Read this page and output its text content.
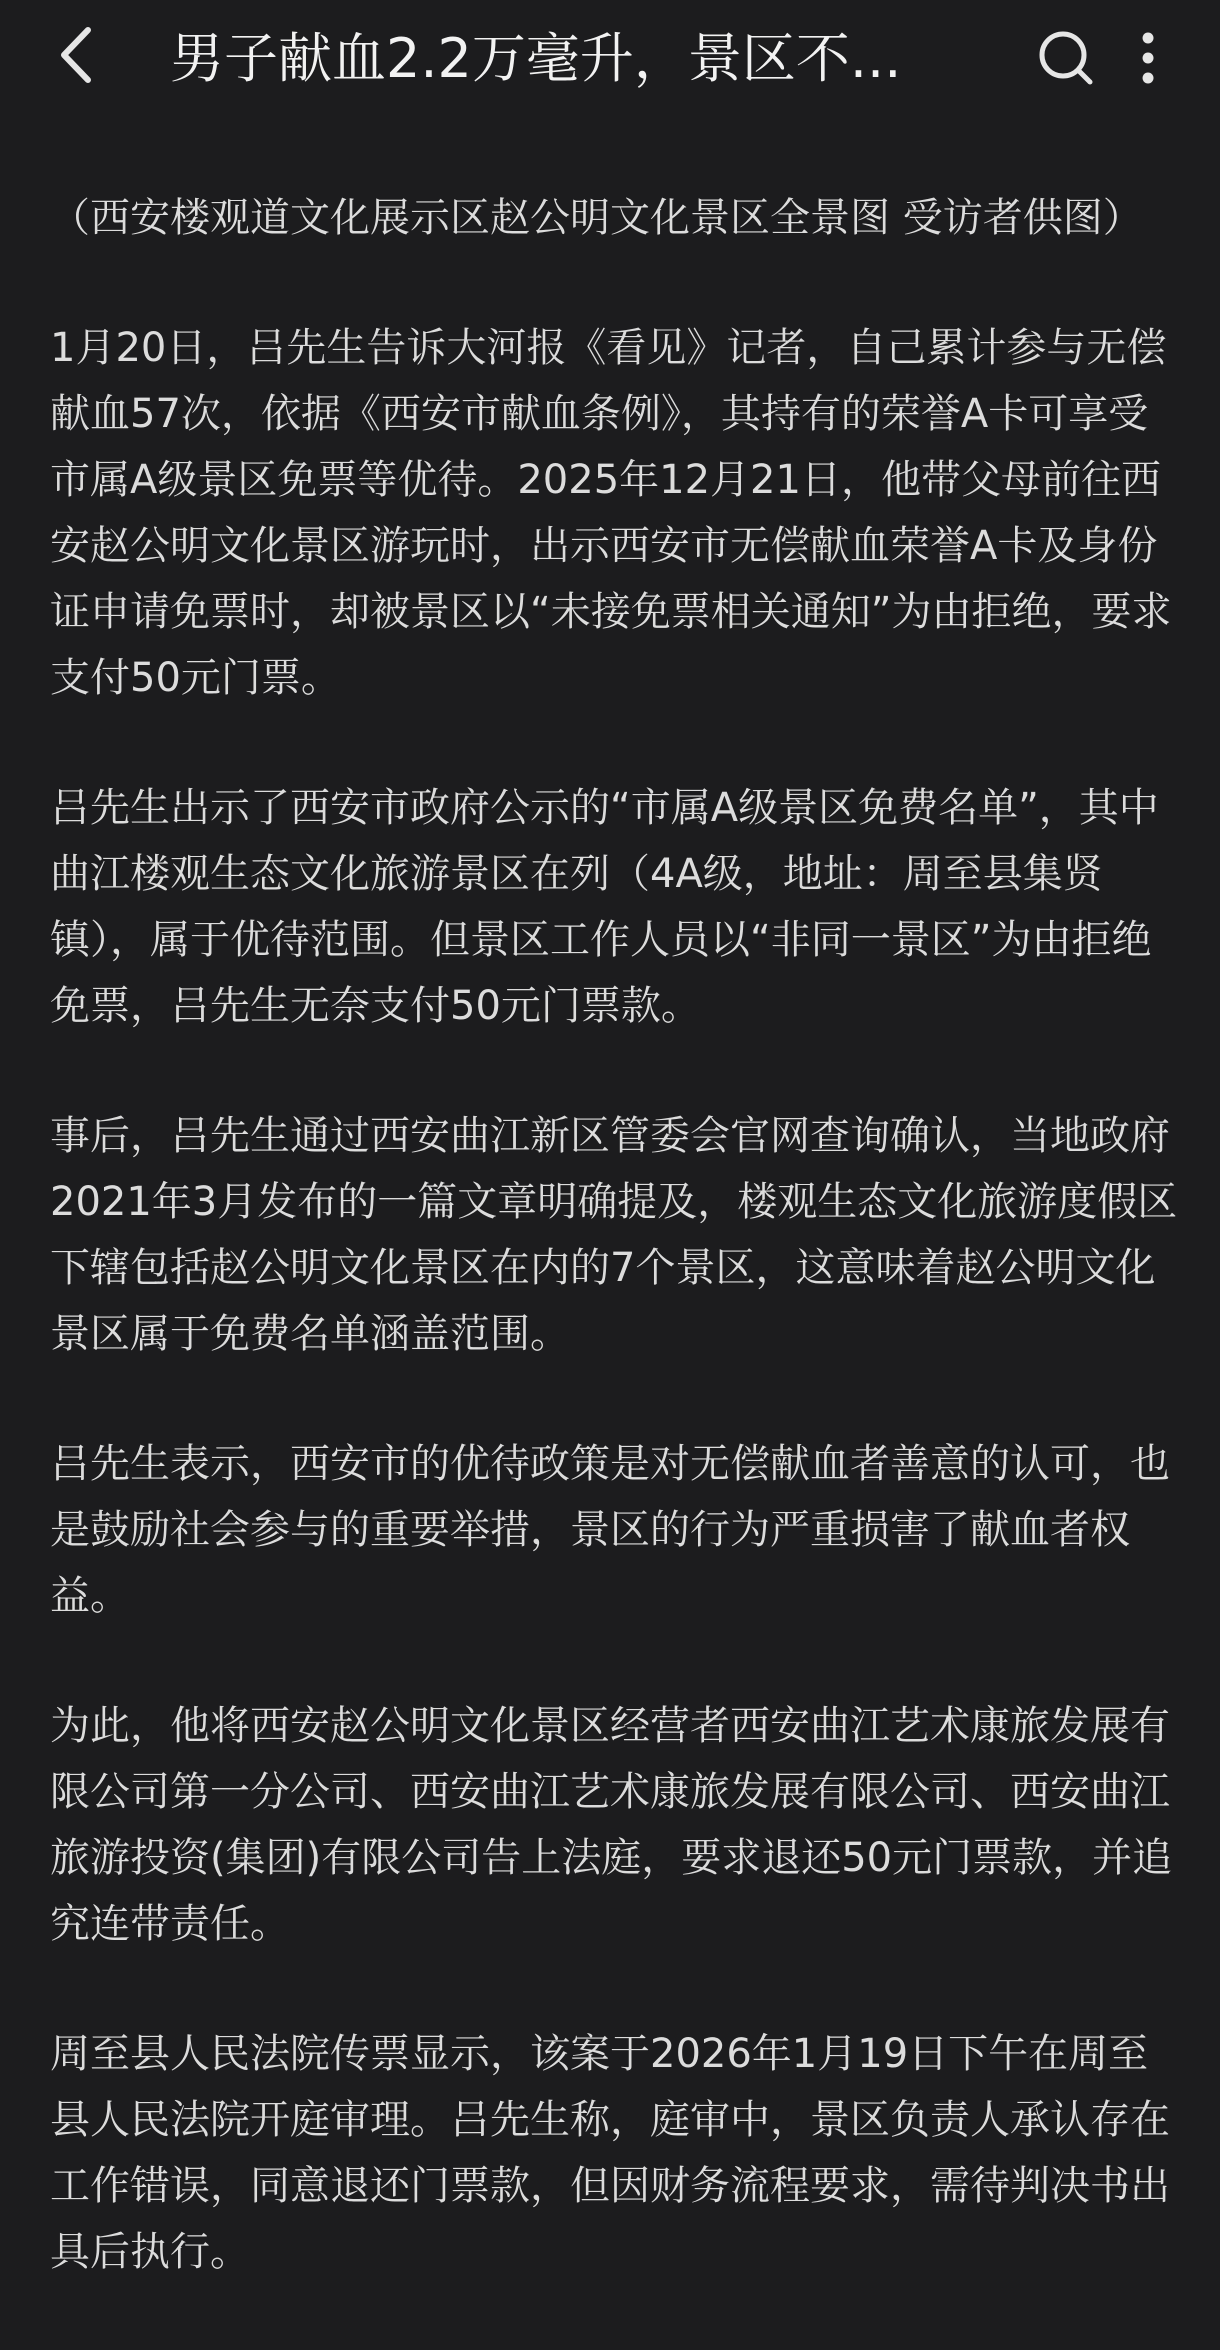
男子献血2.2万毫升，景区不...

（西安楼观道文化展示区赵公明文化景区全景图 受访者供图）

1月20日，吕先生告诉大河报《看见》记者，自己累计参与无偿献血57次，依据《西安市献血条例》，其持有的荣誉A卡可享受市属A级景区免票等优待。2025年12月21日，他带父母前往西安赵公明文化景区游玩时，出示西安市无偿献血荣誉A卡及身份证申请免票时，却被景区以“未接免票相关通知”为由拒绝，要求支付50元门票。

吕先生出示了西安市政府公示的“市属A级景区免费名单”，其中曲江楼观生态文化旅游景区在列（4A级，地址：周至县集贤镇），属于优待范围。但景区工作人员以“非同一景区”为由拒绝免票，吕先生无奈支付50元门票款。

事后，吕先生通过西安曲江新区管委会官网查询确认，当地政府2021年3月发布的一篇文章明确提及，楼观生态文化旅游度假区下辖包括赵公明文化景区在内的7个景区，这意味着赵公明文化景区属于免费名单涵盖范围。

吕先生表示，西安市的优待政策是对无偿献血者善意的认可，也是鼓励社会参与的重要举措，景区的行为严重损害了献血者权益。

为此，他将西安赵公明文化景区经营者西安曲江艺术康旅发展有限公司第一分公司、西安曲江艺术康旅发展有限公司、西安曲江旅游投资(集团)有限公司告上法庭，要求退还50元门票款，并追究连带责任。

周至县人民法院传票显示，该案于2026年1月19日下午在周至县人民法院开庭审理。吕先生称，庭审中，景区负责人承认存在工作错误，同意退还门票款，但因财务流程要求，需待判决书出具后执行。
